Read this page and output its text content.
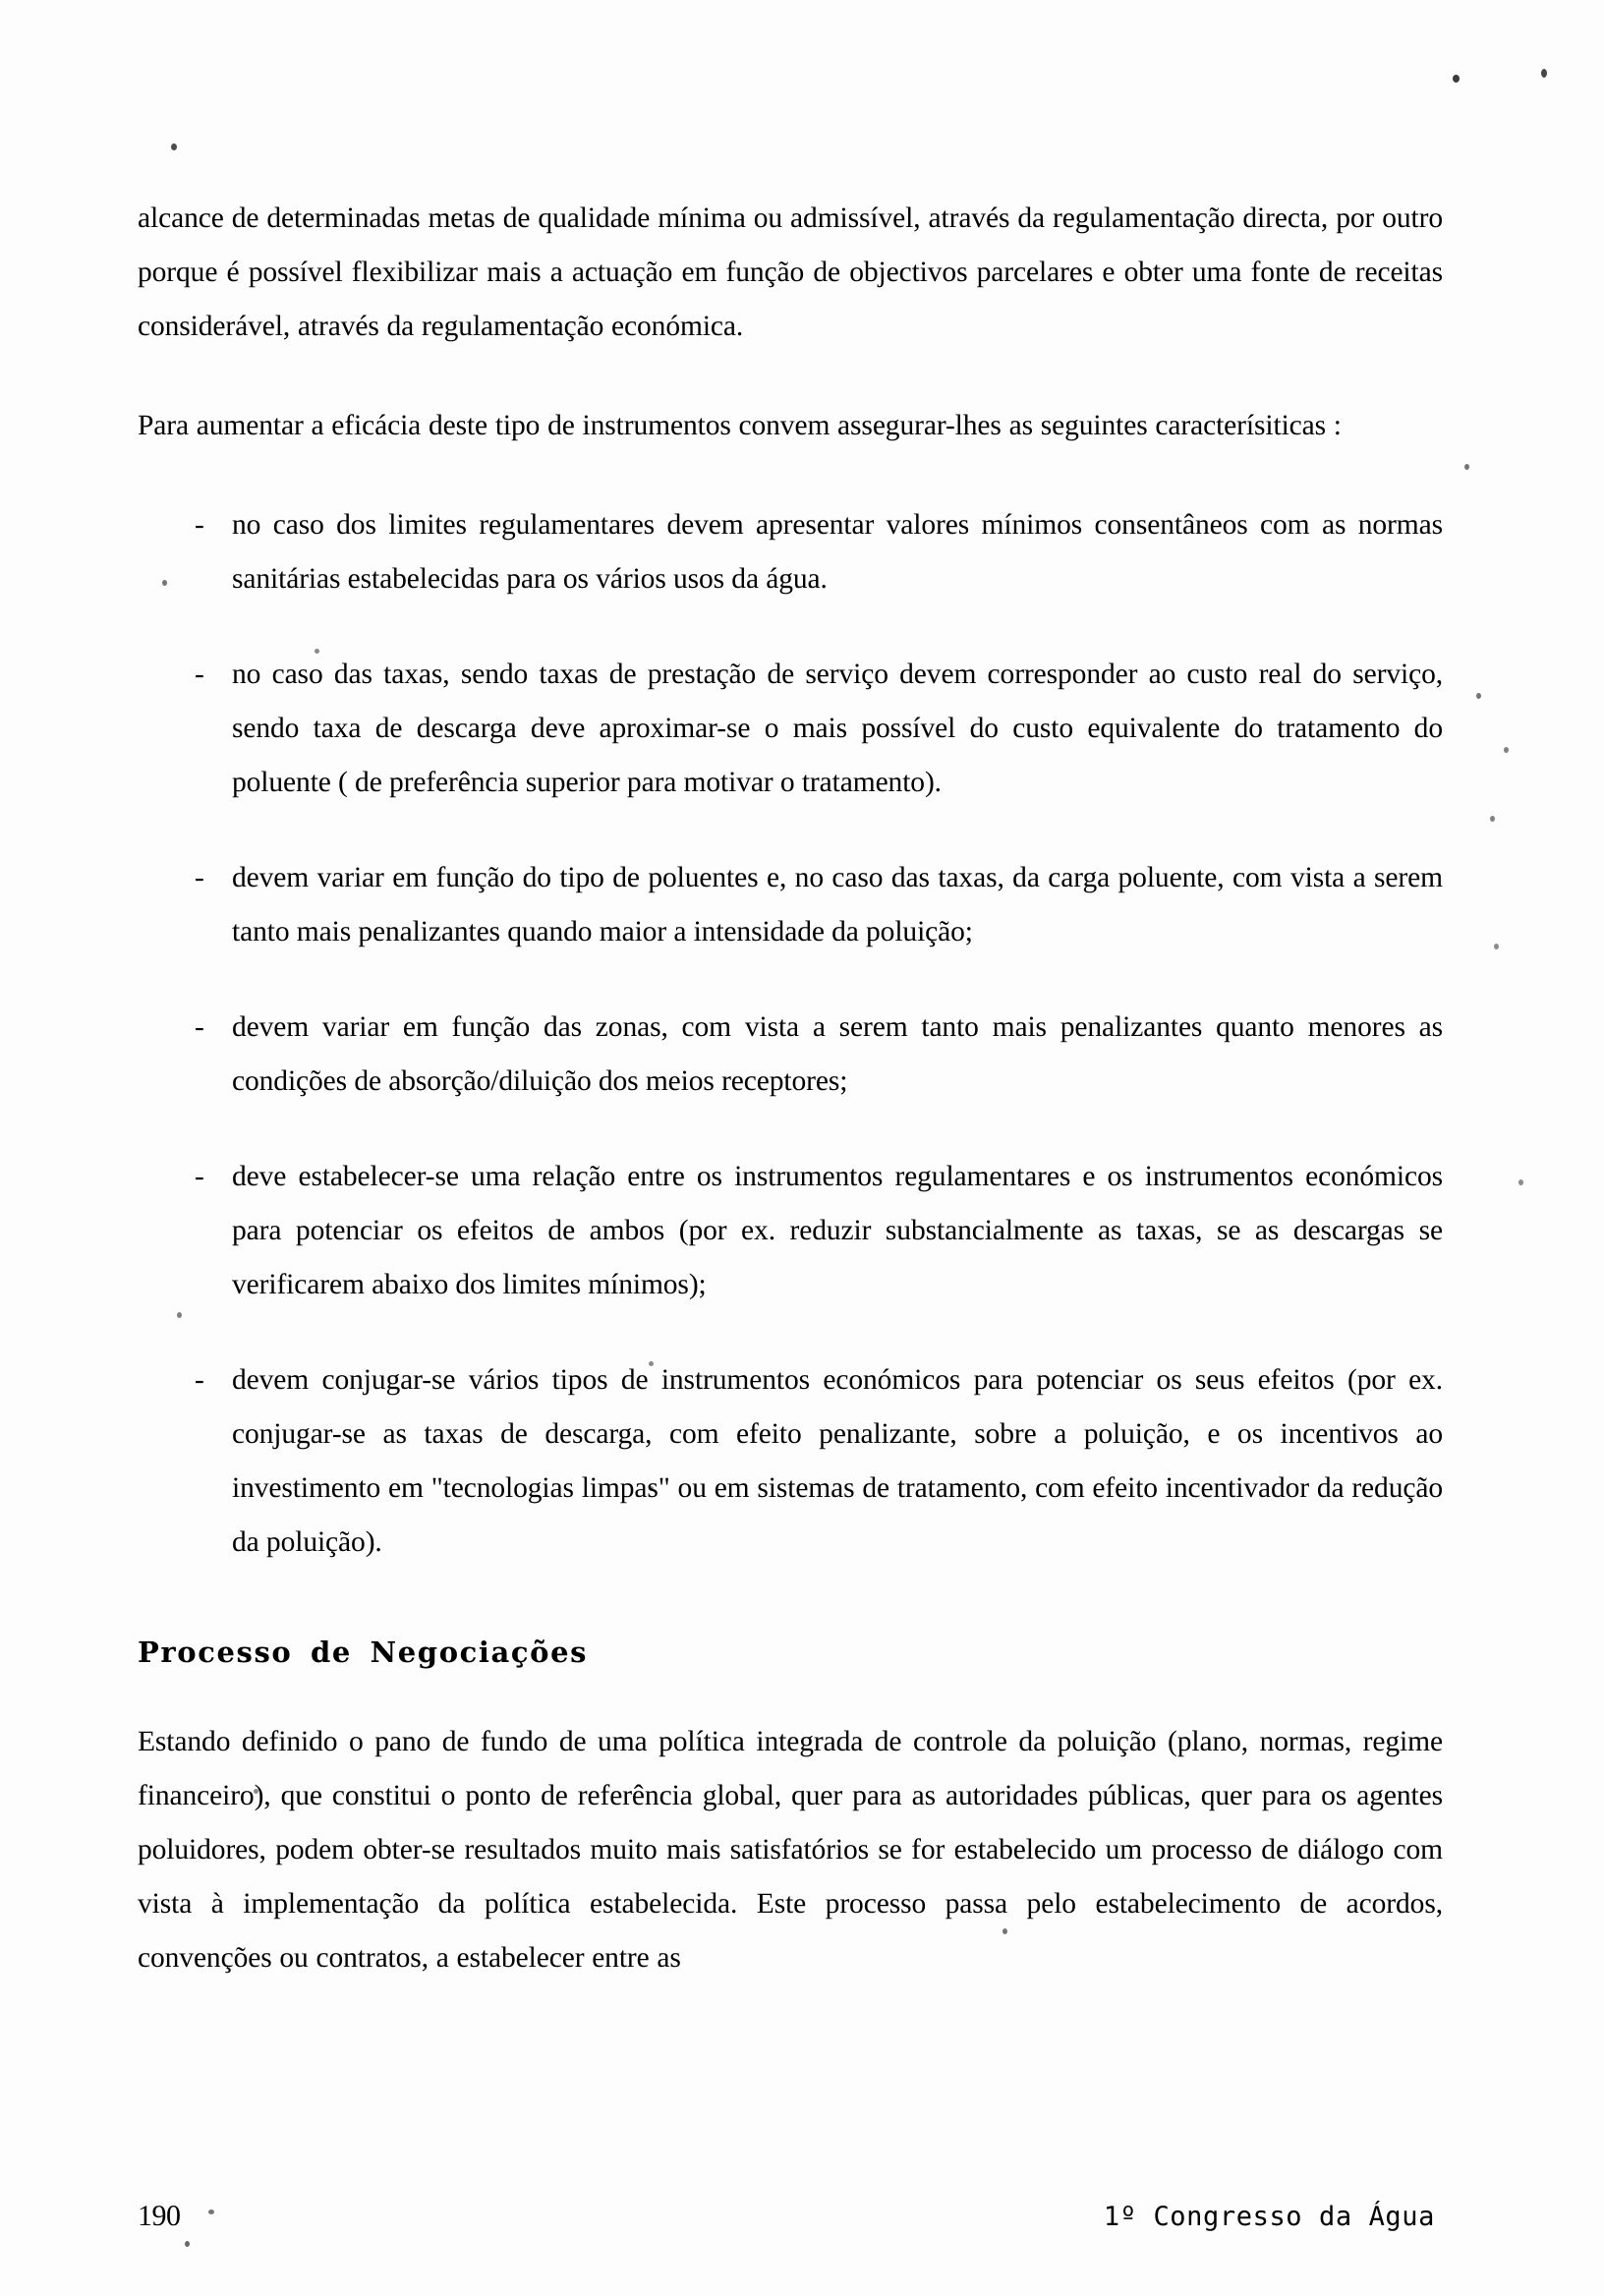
alcance de determinadas metas de qualidade mínima ou admissível, através da regulamentação directa, por outro porque é possível flexibilizar mais a actuação em função de objectivos parcelares e obter uma fonte de receitas considerável, através da regulamentação económica.

Para aumentar a eficácia deste tipo de instrumentos convem assegurar-lhes as seguintes caracterísiticas :

- no caso dos limites regulamentares devem apresentar valores mínimos consentâneos com as normas sanitárias estabelecidas para os vários usos da água.
- no caso das taxas, sendo taxas de prestação de serviço devem corresponder ao custo real do serviço, sendo taxa de descarga deve aproximar-se o mais possível do custo equivalente do tratamento do poluente ( de preferência superior para motivar o tratamento).
- devem variar em função do tipo de poluentes e, no caso das taxas, da carga poluente, com vista a serem tanto mais penalizantes quando maior a intensidade da poluição;
- devem variar em função das zonas, com vista a serem tanto mais penalizantes quanto menores as condições de absorção/diluição dos meios receptores;
- deve estabelecer-se uma relação entre os instrumentos regulamentares e os instrumentos económicos para potenciar os efeitos de ambos (por ex. reduzir substancialmente as taxas, se as descargas se verificarem abaixo dos limites mínimos);
- devem conjugar-se vários tipos de instrumentos económicos para potenciar os seus efeitos (por ex. conjugar-se as taxas de descarga, com efeito penalizante, sobre a poluição, e os incentivos ao investimento em "tecnologias limpas" ou em sistemas de tratamento, com efeito incentivador da redução da poluição).
Processo de Negociações

Estando definido o pano de fundo de uma política integrada de controle da poluição (plano, normas, regime financeiro), que constitui o ponto de referência global, quer para as autoridades públicas, quer para os agentes poluidores, podem obter-se resultados muito mais satisfatórios se for estabelecido um processo de diálogo com vista à implementação da política estabelecida. Este processo passa pelo estabelecimento de acordos, convenções ou contratos, a estabelecer entre as

190	1º Congresso da Água
